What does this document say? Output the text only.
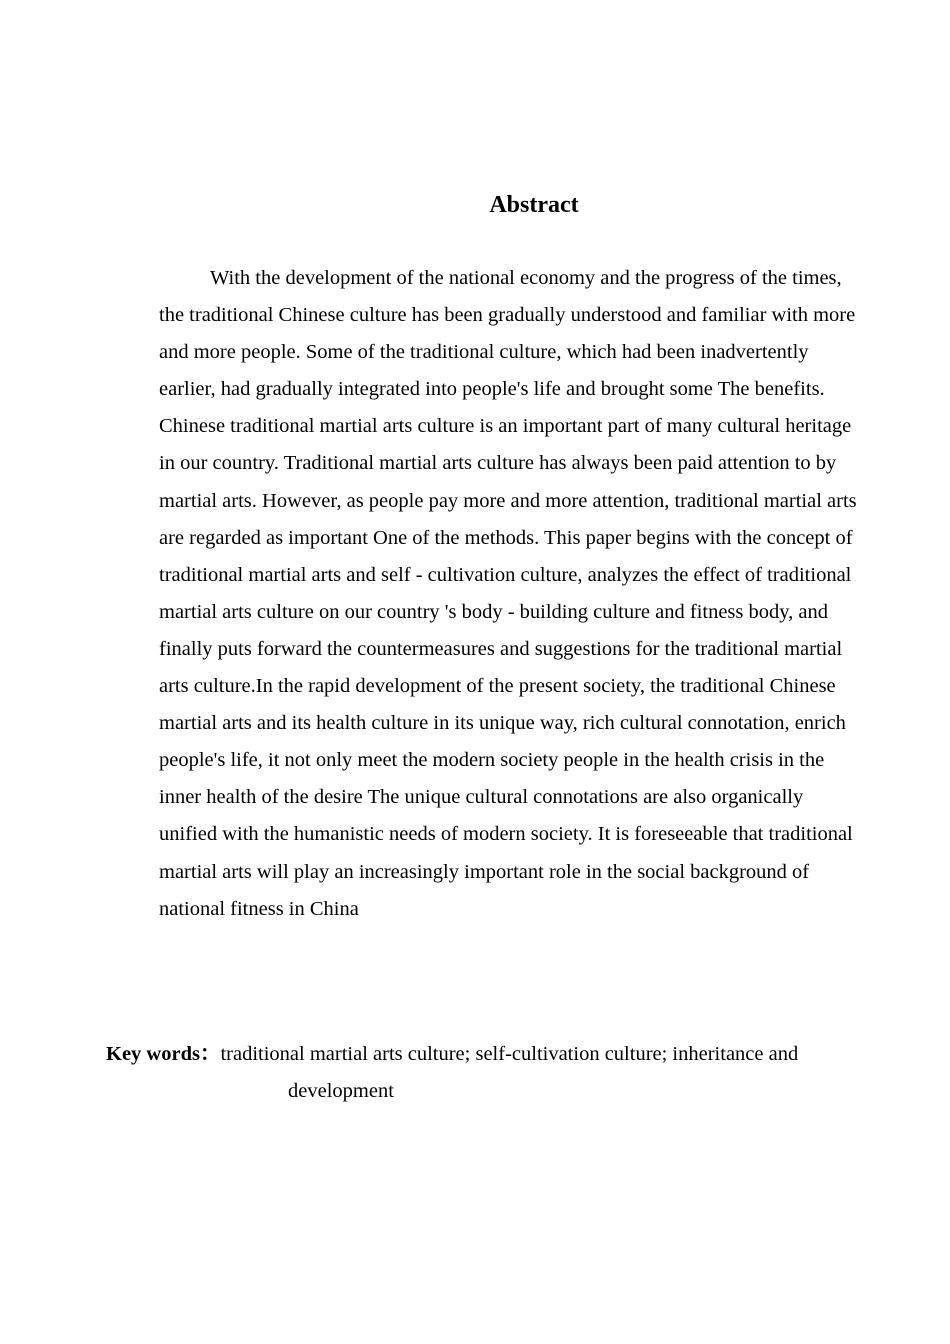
Abstract

With the development of the national economy and the progress of the times, the traditional Chinese culture has been gradually understood and familiar with more and more people. Some of the traditional culture, which had been inadvertently earlier, had gradually integrated into people's life and brought some The benefits. Chinese traditional martial arts culture is an important part of many cultural heritage in our country. Traditional martial arts culture has always been paid attention to by martial arts. However, as people pay more and more attention, traditional martial arts are regarded as important One of the methods. This paper begins with the concept of traditional martial arts and self - cultivation culture, analyzes the effect of traditional martial arts culture on our country 's body - building culture and fitness body, and finally puts forward the countermeasures and suggestions for the traditional martial arts culture.In the rapid development of the present society, the traditional Chinese martial arts and its health culture in its unique way, rich cultural connotation, enrich people's life, it not only meet the modern society people in the health crisis in the inner health of the desire The unique cultural connotations are also organically unified with the humanistic needs of modern society. It is foreseeable that traditional martial arts will play an increasingly important role in the social background of national fitness in China

Key words：traditional martial arts culture; self-cultivation culture; inheritance and development
